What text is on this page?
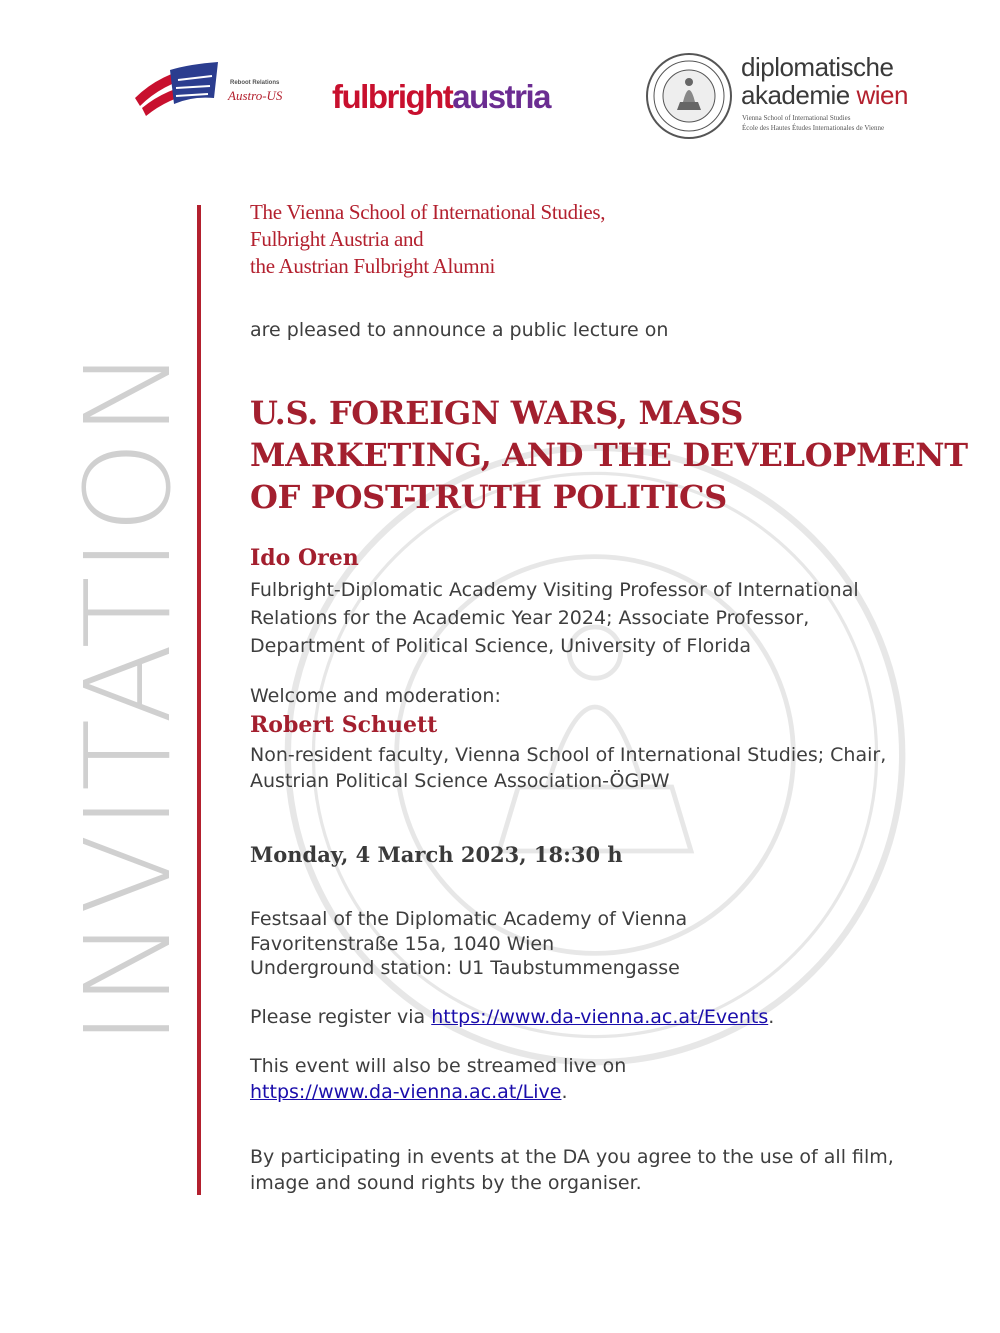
Reboot Relations
Austro-US fulbrightaustria
diplomatische
akademie wien
Vienna School of International Studies
École des Hautes Études Internationales de Vienne
INVITATION
The Vienna School of International Studies,
Fulbright Austria and
the Austrian Fulbright Alumni
are pleased to announce a public lecture on
U.S. FOREIGN WARS, MASS
MARKETING, AND THE DEVELOPMENT
OF POST-TRUTH POLITICS
Ido Oren
Fulbright-Diplomatic Academy Visiting Professor of International
Relations for the Academic Year 2024; Associate Professor,
Department of Political Science, University of Florida
Welcome and moderation:
Robert Schuett
Non-resident faculty, Vienna School of International Studies; Chair,
Austrian Political Science Association-ÖGPW
Monday, 4 March 2023, 18:30 h
Festsaal of the Diplomatic Academy of Vienna
Favoritenstraße 15a, 1040 Wien
Underground station: U1 Taubstummengasse
Please register via https://www.da-vienna.ac.at/Events.
This event will also be streamed live on
https://www.da-vienna.ac.at/Live.
By participating in events at the DA you agree to the use of all film,
image and sound rights by the organiser.
